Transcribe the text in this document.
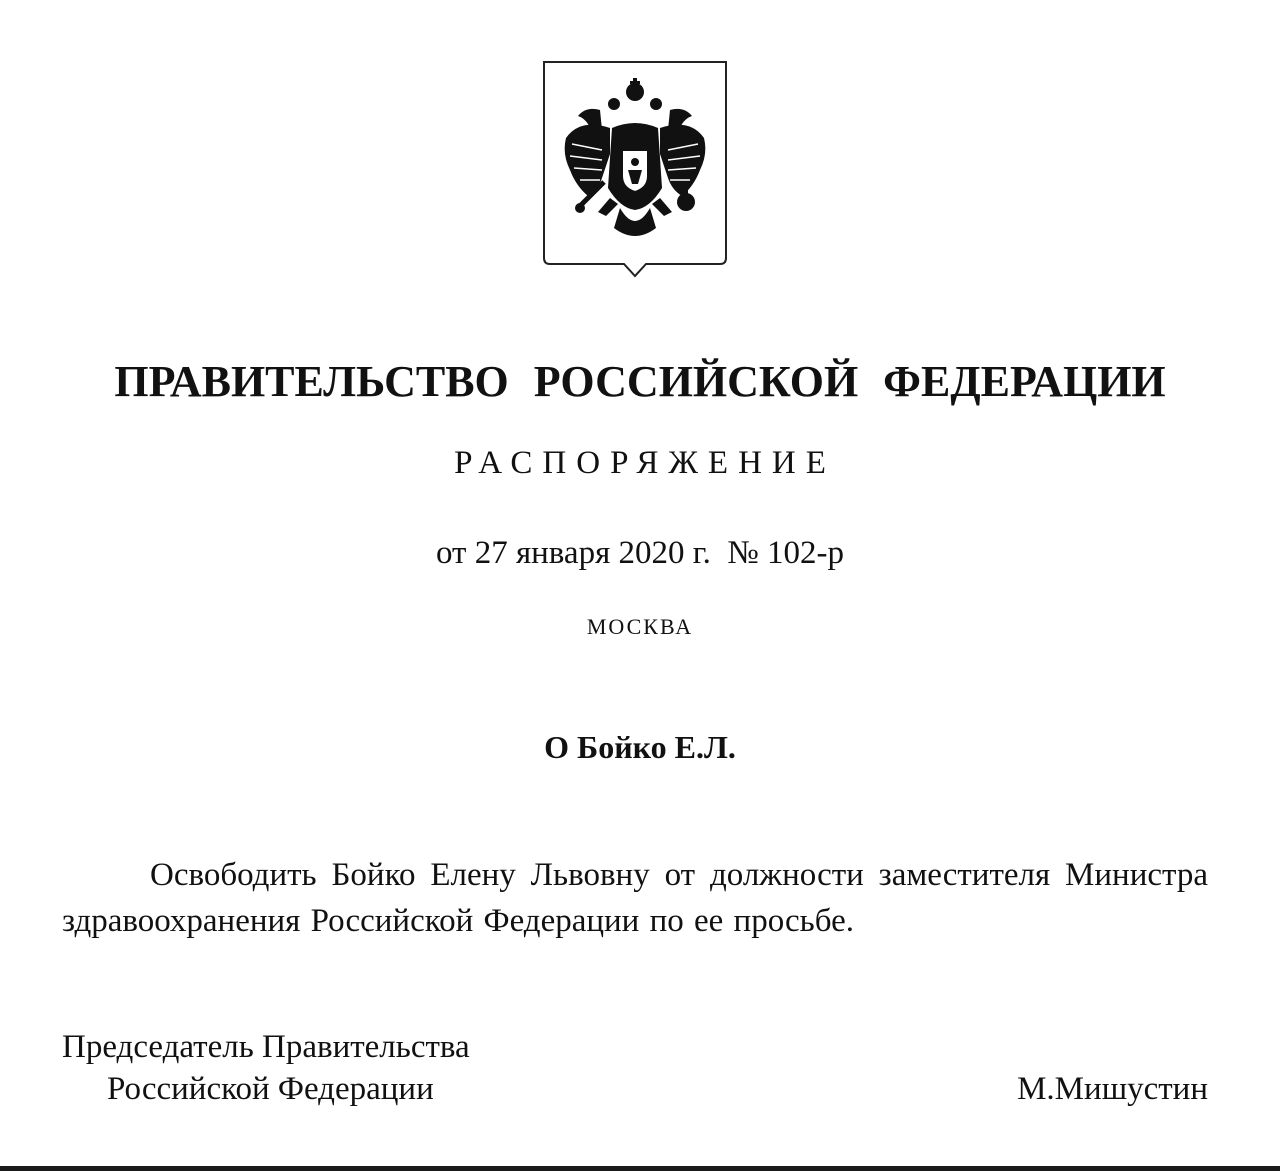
ПРАВИТЕЛЬСТВО РОССИЙСКОЙ ФЕДЕРАЦИИ
РАСПОРЯЖЕНИЕ
от 27 января 2020 г.  № 102-р
МОСКВА
О Бойко Е.Л.
Освободить Бойко Елену Львовну от должности заместителя Министра здравоохранения Российской Федерации по ее просьбе.
Председатель Правительства
Российской Федерации	М.Мишустин
